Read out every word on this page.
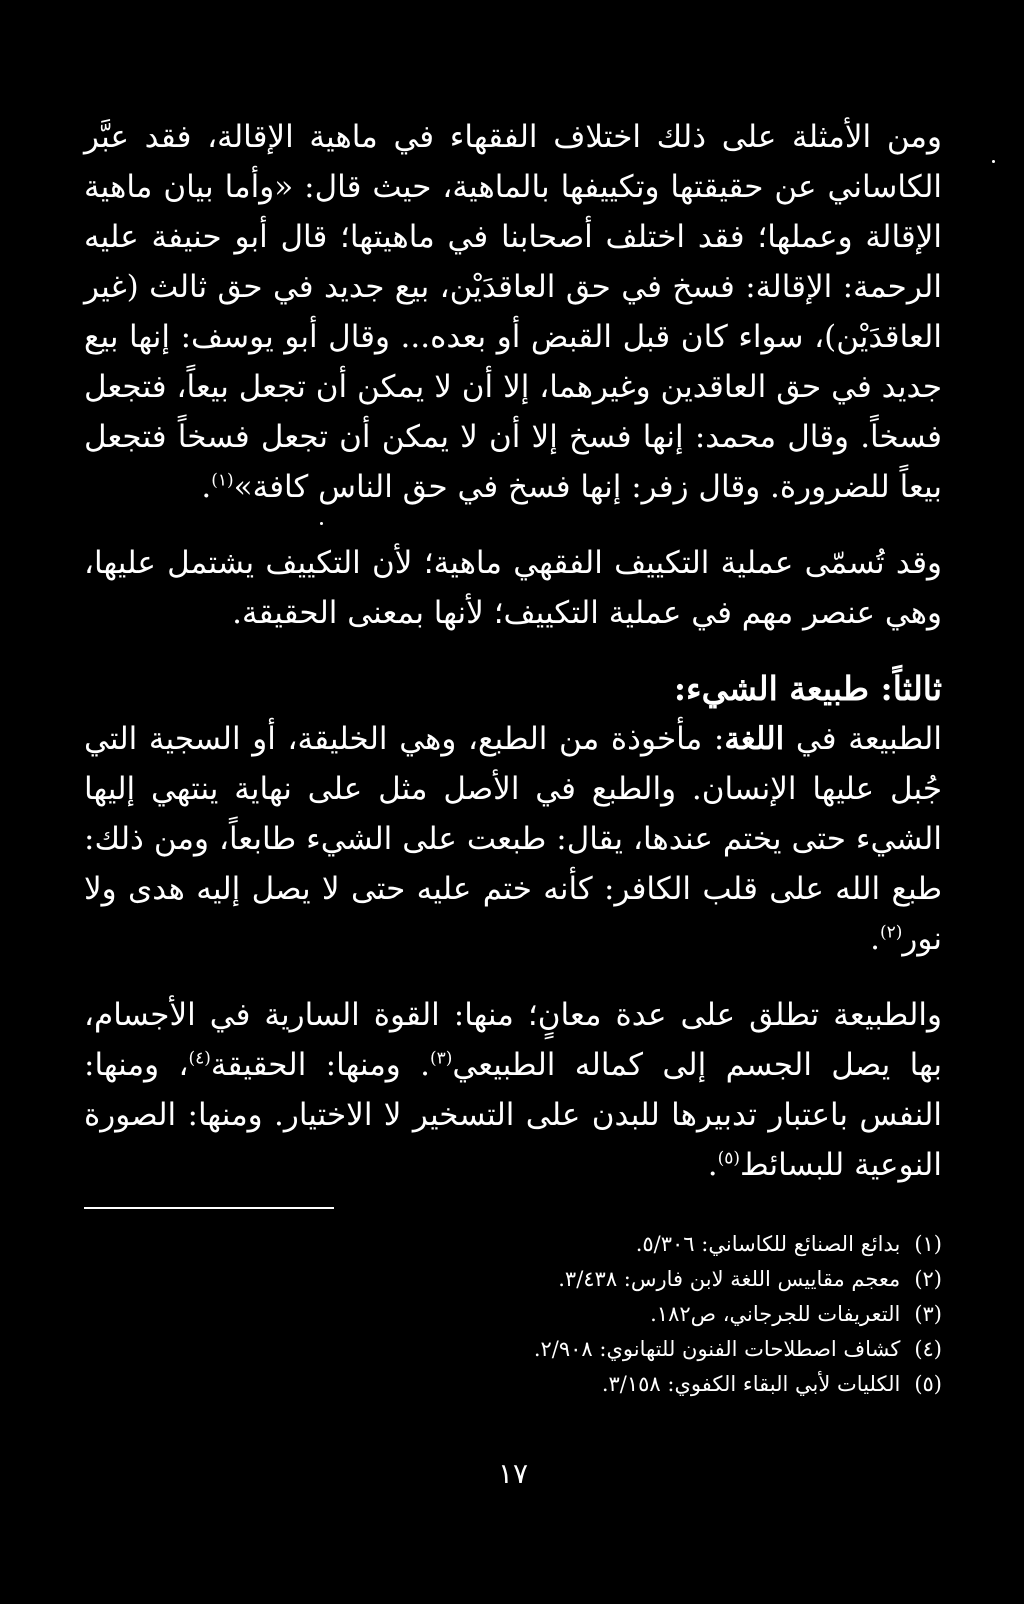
ومن الأمثلة على ذلك اختلاف الفقهاء في ماهية الإقالة، فقد عبَّر الكاساني عن حقيقتها وتكييفها بالماهية، حيث قال: «وأما بيان ماهية الإقالة وعملها؛ فقد اختلف أصحابنا في ماهيتها؛ قال أبو حنيفة عليه الرحمة: الإقالة: فسخ في حق العاقدَيْن، بيع جديد في حق ثالث (غير العاقدَيْن)، سواء كان قبل القبض أو بعده... وقال أبو يوسف: إنها بيع جديد في حق العاقدين وغيرهما، إلا أن لا يمكن أن تجعل بيعاً، فتجعل فسخاً. وقال محمد: إنها فسخ إلا أن لا يمكن أن تجعل فسخاً فتجعل بيعاً للضرورة. وقال زفر: إنها فسخ في حق الناس كافة»$^{(١)}$.

وقد تُسمّى عملية التكييف الفقهي ماهية؛ لأن التكييف يشتمل عليها، وهي عنصر مهم في عملية التكييف؛ لأنها بمعنى الحقيقة.

ثالثاً: طبيعة الشيء:

الطبيعة في اللغة: مأخوذة من الطبع، وهي الخليقة، أو السجية التي جُبل عليها الإنسان. والطبع في الأصل مثل على نهاية ينتهي إليها الشيء حتى يختم عندها، يقال: طبعت على الشيء طابعاً، ومن ذلك: طبع الله على قلب الكافر: كأنه ختم عليه حتى لا يصل إليه هدى ولا نور$^{(٢)}$.

والطبيعة تطلق على عدة معانٍ؛ منها: القوة السارية في الأجسام، بها يصل الجسم إلى كماله الطبيعي$^{(٣)}$. ومنها: الحقيقة$^{(٤)}$، ومنها: النفس باعتبار تدبيرها للبدن على التسخير لا الاختيار. ومنها: الصورة النوعية للبسائط$^{(٥)}$.

(١)بدائع الصنائع للكاساني: ٥/٣٠٦.
(٢)معجم مقاييس اللغة لابن فارس: ٣/٤٣٨.
(٣)التعريفات للجرجاني، ص١٨٢.
(٤)كشاف اصطلاحات الفنون للتهانوي: ٢/٩٠٨.
(٥)الكليات لأبي البقاء الكفوي: ٣/١٥٨.
١٧
